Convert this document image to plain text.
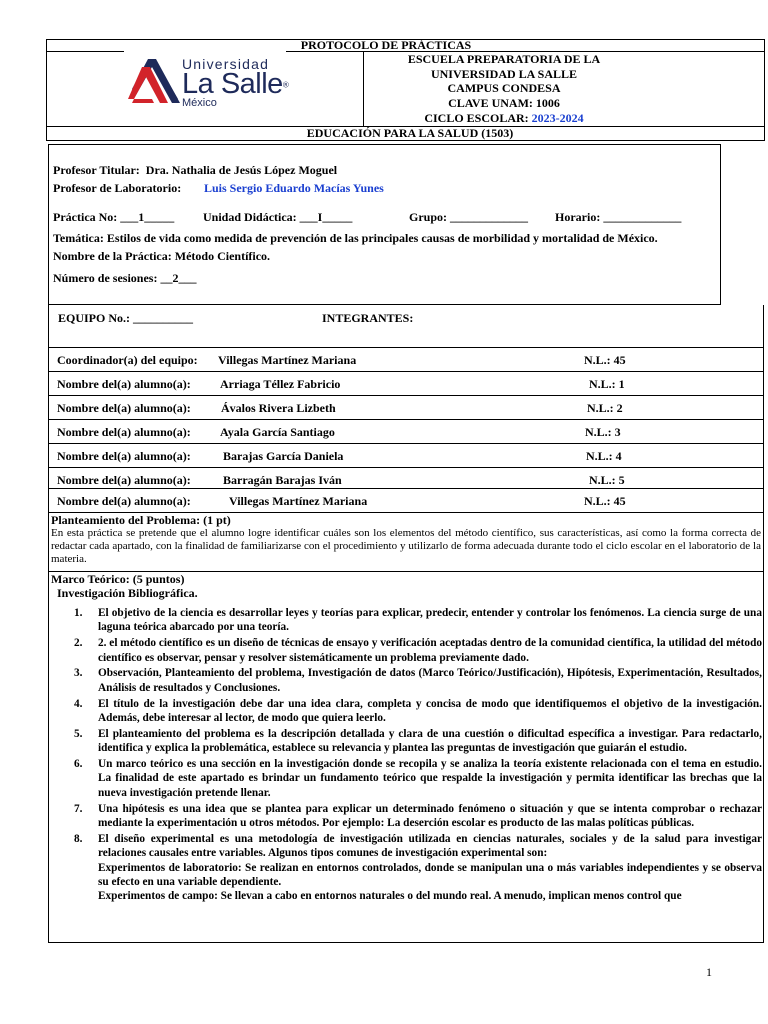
PROTOCOLO DE PRÁCTICAS
Universidad
La Salle®
México
ESCUELA PREPARATORIA DE LA
UNIVERSIDAD LA SALLE
CAMPUS CONDESA
CLAVE UNAM: 1006
CICLO ESCOLAR: 2023-2024
EDUCACIÓN PARA LA SALUD (1503)
Profesor Titular: Dra. Nathalia de Jesús López Moguel
Profesor de Laboratorio: Luis Sergio Eduardo Macías Yunes
Práctica No: ___1_____ Unidad Didáctica: ___I_____	Grupo: _____________ Horario: _____________
Temática: Estilos de vida como medida de prevención de las principales causas de morbilidad y mortalidad de México.
Nombre de la Práctica: Método Científico.
Número de sesiones: __2___
EQUIPO No.: __________	INTEGRANTES:
Coordinador(a) del equipo: Villegas Martínez Mariana	N.L.: 45
Nombre del(a) alumno(a): Arriaga Téllez Fabricio	N.L.: 1
Nombre del(a) alumno(a):	Ávalos Rivera Lizbeth	N.L.: 2
Nombre del(a) alumno(a): Ayala García Santiago	N.L.: 3
Nombre del(a) alumno(a):	Barajas García Daniela	N.L.: 4
Nombre del(a) alumno(a):	Barragán Barajas Iván	N.L.: 5
Nombre del(a) alumno(a):	Villegas Martínez Mariana	N.L.: 45
Planteamiento del Problema: (1 pt)
En esta práctica se pretende que el alumno logre identificar cuáles son los elementos del método científico, sus características, así como la forma correcta de redactar cada apartado, con la finalidad de familiarizarse con el procedimiento y utilizarlo de forma adecuada durante todo el ciclo escolar en el laboratorio de la materia.
Marco Teórico: (5 puntos)
Investigación Bibliográfica.
1. El objetivo de la ciencia es desarrollar leyes y teorías para explicar, predecir, entender y controlar los fenómenos. La ciencia surge de una laguna teórica abarcado por una teoría.
2. 2. el método científico es un diseño de técnicas de ensayo y verificación aceptadas dentro de la comunidad científica, la utilidad del método científico es observar, pensar y resolver sistemáticamente un problema previamente dado.
3. Observación, Planteamiento del problema, Investigación de datos (Marco Teórico/Justificación), Hipótesis, Experimentación, Resultados, Análisis de resultados y Conclusiones.
4. El título de la investigación debe dar una idea clara, completa y concisa de modo que identifiquemos el objetivo de la investigación. Además, debe interesar al lector, de modo que quiera leerlo.
5. El planteamiento del problema es la descripción detallada y clara de una cuestión o dificultad específica a investigar. Para redactarlo, identifica y explica la problemática, establece su relevancia y plantea las preguntas de investigación que guiarán el estudio.
6. Un marco teórico es una sección en la investigación donde se recopila y se analiza la teoría existente relacionada con el tema en estudio. La finalidad de este apartado es brindar un fundamento teórico que respalde la investigación y permita identificar las brechas que la nueva investigación pretende llenar.
7. Una hipótesis es una idea que se plantea para explicar un determinado fenómeno o situación y que se intenta comprobar o rechazar mediante la experimentación u otros métodos. Por ejemplo: La deserción escolar es producto de las malas políticas públicas.
8. El diseño experimental es una metodología de investigación utilizada en ciencias naturales, sociales y de la salud para investigar relaciones causales entre variables. Algunos tipos comunes de investigación experimental son:
Experimentos de laboratorio: Se realizan en entornos controlados, donde se manipulan una o más variables independientes y se observa su efecto en una variable dependiente.
Experimentos de campo: Se llevan a cabo en entornos naturales o del mundo real. A menudo, implican menos control que
1
